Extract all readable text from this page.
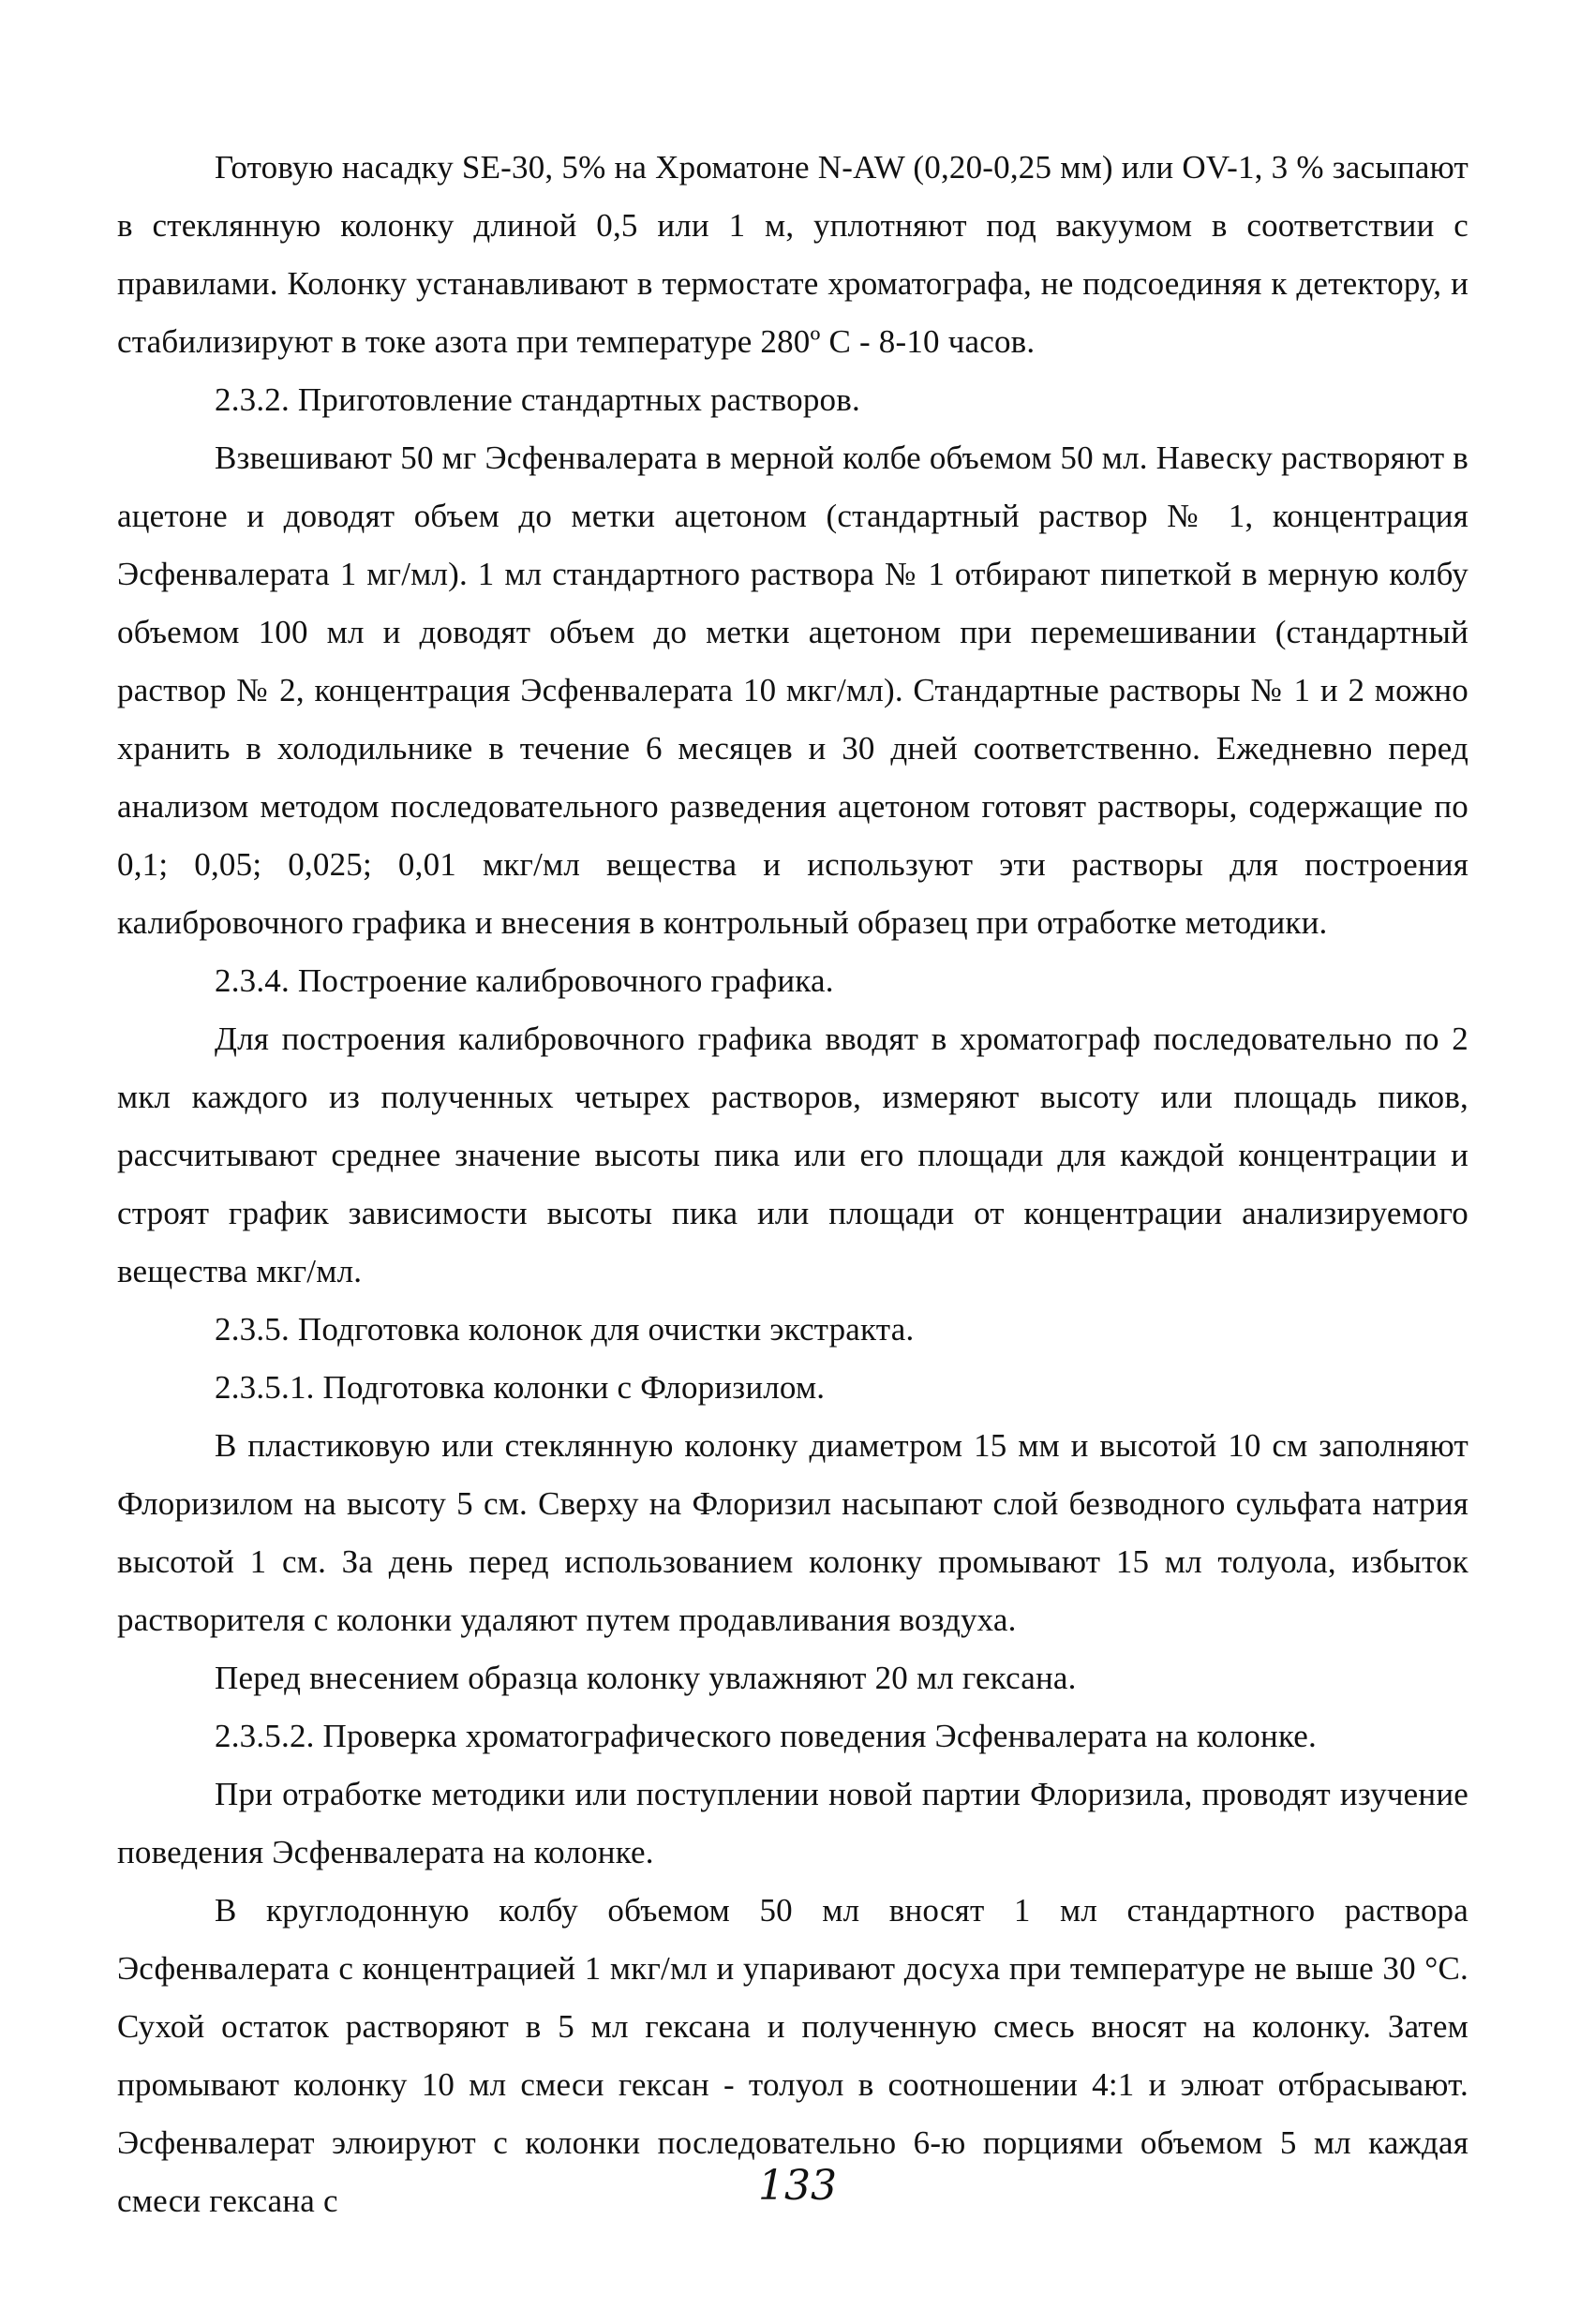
Готовую насадку SE-30, 5% на Хроматоне N-AW (0,20-0,25 мм) или OV-1, 3 % засыпают в стеклянную колонку длиной 0,5 или 1 м, уплотняют под вакуумом в соответствии с правилами. Колонку устанавливают в термостате хроматографа, не подсоединяя к детектору, и стабилизируют в токе азота при температуре 280º С - 8-10 часов.

2.3.2. Приготовление стандартных растворов.

Взвешивают 50 мг Эсфенвалерата в мерной колбе объемом 50 мл. Навеску растворяют в ацетоне и доводят объем до метки ацетоном (стандартный раствор № 1, концентрация Эсфенвалерата 1 мг/мл). 1 мл стандартного раствора № 1 отбирают пипеткой в мерную колбу объемом 100 мл и доводят объем до метки ацетоном при перемешивании (стандартный раствор № 2, концентрация Эсфенвалерата 10 мкг/мл). Стандартные растворы № 1 и 2 можно хранить в холодильнике в течение 6 месяцев и 30 дней соответственно. Ежедневно перед анализом методом последовательного разведения ацетоном готовят растворы, содержащие по 0,1; 0,05; 0,025; 0,01 мкг/мл вещества и используют эти растворы для построения калибровочного графика и внесения в контрольный образец при отработке методики.

2.3.4. Построение калибровочного графика.

Для построения калибровочного графика вводят в хроматограф последовательно по 2 мкл каждого из полученных четырех растворов, измеряют высоту или площадь пиков, рассчитывают среднее значение высоты пика или его площади для каждой концентрации и строят график зависимости высоты пика или площади от концентрации анализируемого вещества мкг/мл.

2.3.5. Подготовка колонок для очистки экстракта.

2.3.5.1. Подготовка колонки с Флоризилом.

В пластиковую или стеклянную колонку диаметром 15 мм и высотой 10 см заполняют Флоризилом на высоту 5 см. Сверху на Флоризил насыпают слой безводного сульфата натрия высотой 1 см. За день перед использованием колонку промывают 15 мл толуола, избыток растворителя с колонки удаляют путем продавливания воздуха.

Перед внесением образца колонку увлажняют 20 мл гексана.

2.3.5.2. Проверка хроматографического поведения Эсфенвалерата на колонке.

При отработке методики или поступлении новой партии Флоризила, проводят изучение поведения Эсфенвалерата на колонке.

В круглодонную колбу объемом 50 мл вносят 1 мл стандартного раствора Эсфенвалерата с концентрацией 1 мкг/мл и упаривают досуха при температуре не выше 30 °С. Сухой остаток растворяют в 5 мл гексана и полученную смесь вносят на колонку. Затем промывают колонку 10 мл смеси гексан - толуол в соотношении 4:1 и элюат отбрасывают. Эсфенвалерат элюируют с колонки последовательно 6-ю порциями объемом 5 мл каждая смеси гексана с	133
